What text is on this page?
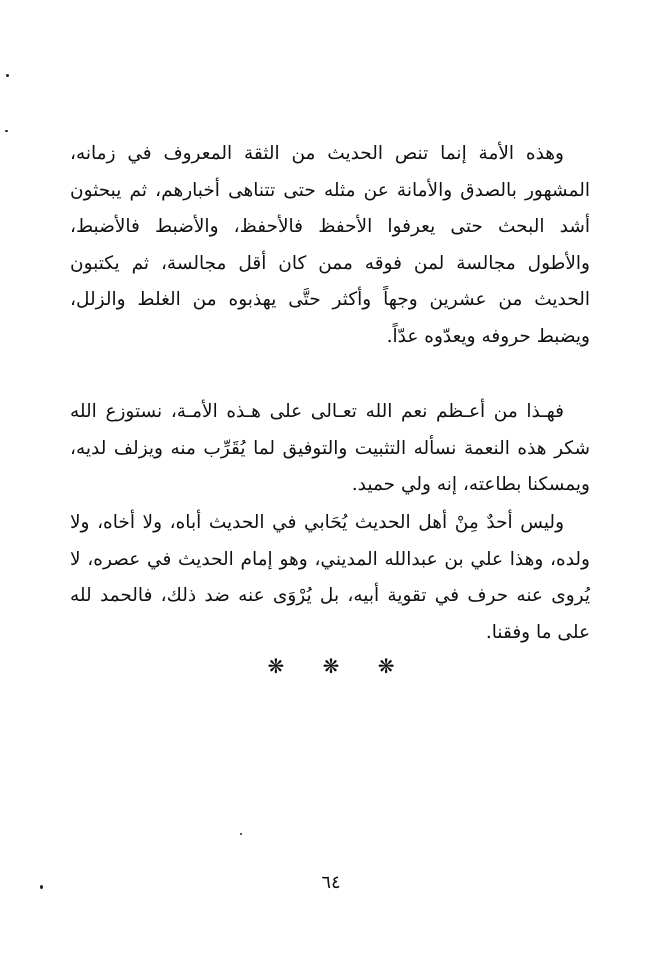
وهذه الأمة إنما تنص الحديث من الثقة المعروف في زمانه، المشهور بالصدق والأمانة عن مثله حتى تتناهى أخبارهم، ثم يبحثون أشد البحث حتى يعرفوا الأحفظ فالأحفظ، والأضبط فالأضبط، والأطول مجالسة لمن فوقه ممن كان أقل مجالسة، ثم يكتبون الحديث من عشرين وجهاً وأكثر حتَّى يهذبوه من الغلط والزلل، ويضبط حروفه ويعدّوه عدّاً.

فهـذا من أعـظم نعم الله تعـالى على هـذه الأمـة، نستوزع الله شكر هذه النعمة نسأله التثبيت والتوفيق لما يُقَرِّب منه ويزلف لديه، ويمسكنا بطاعته، إنه ولي حميد.

وليس أحدٌ مِنْ أهل الحديث يُحَابي في الحديث أباه، ولا أخاه، ولا ولده، وهذا علي بن عبدالله المديني، وهو إمام الحديث في عصره، لا يُروى عنه حرف في تقوية أبيه، بل يُرْوَى عنه ضد ذلك، فالحمد لله على ما وفقنا.

❋ ❋ ❋
٦٤
